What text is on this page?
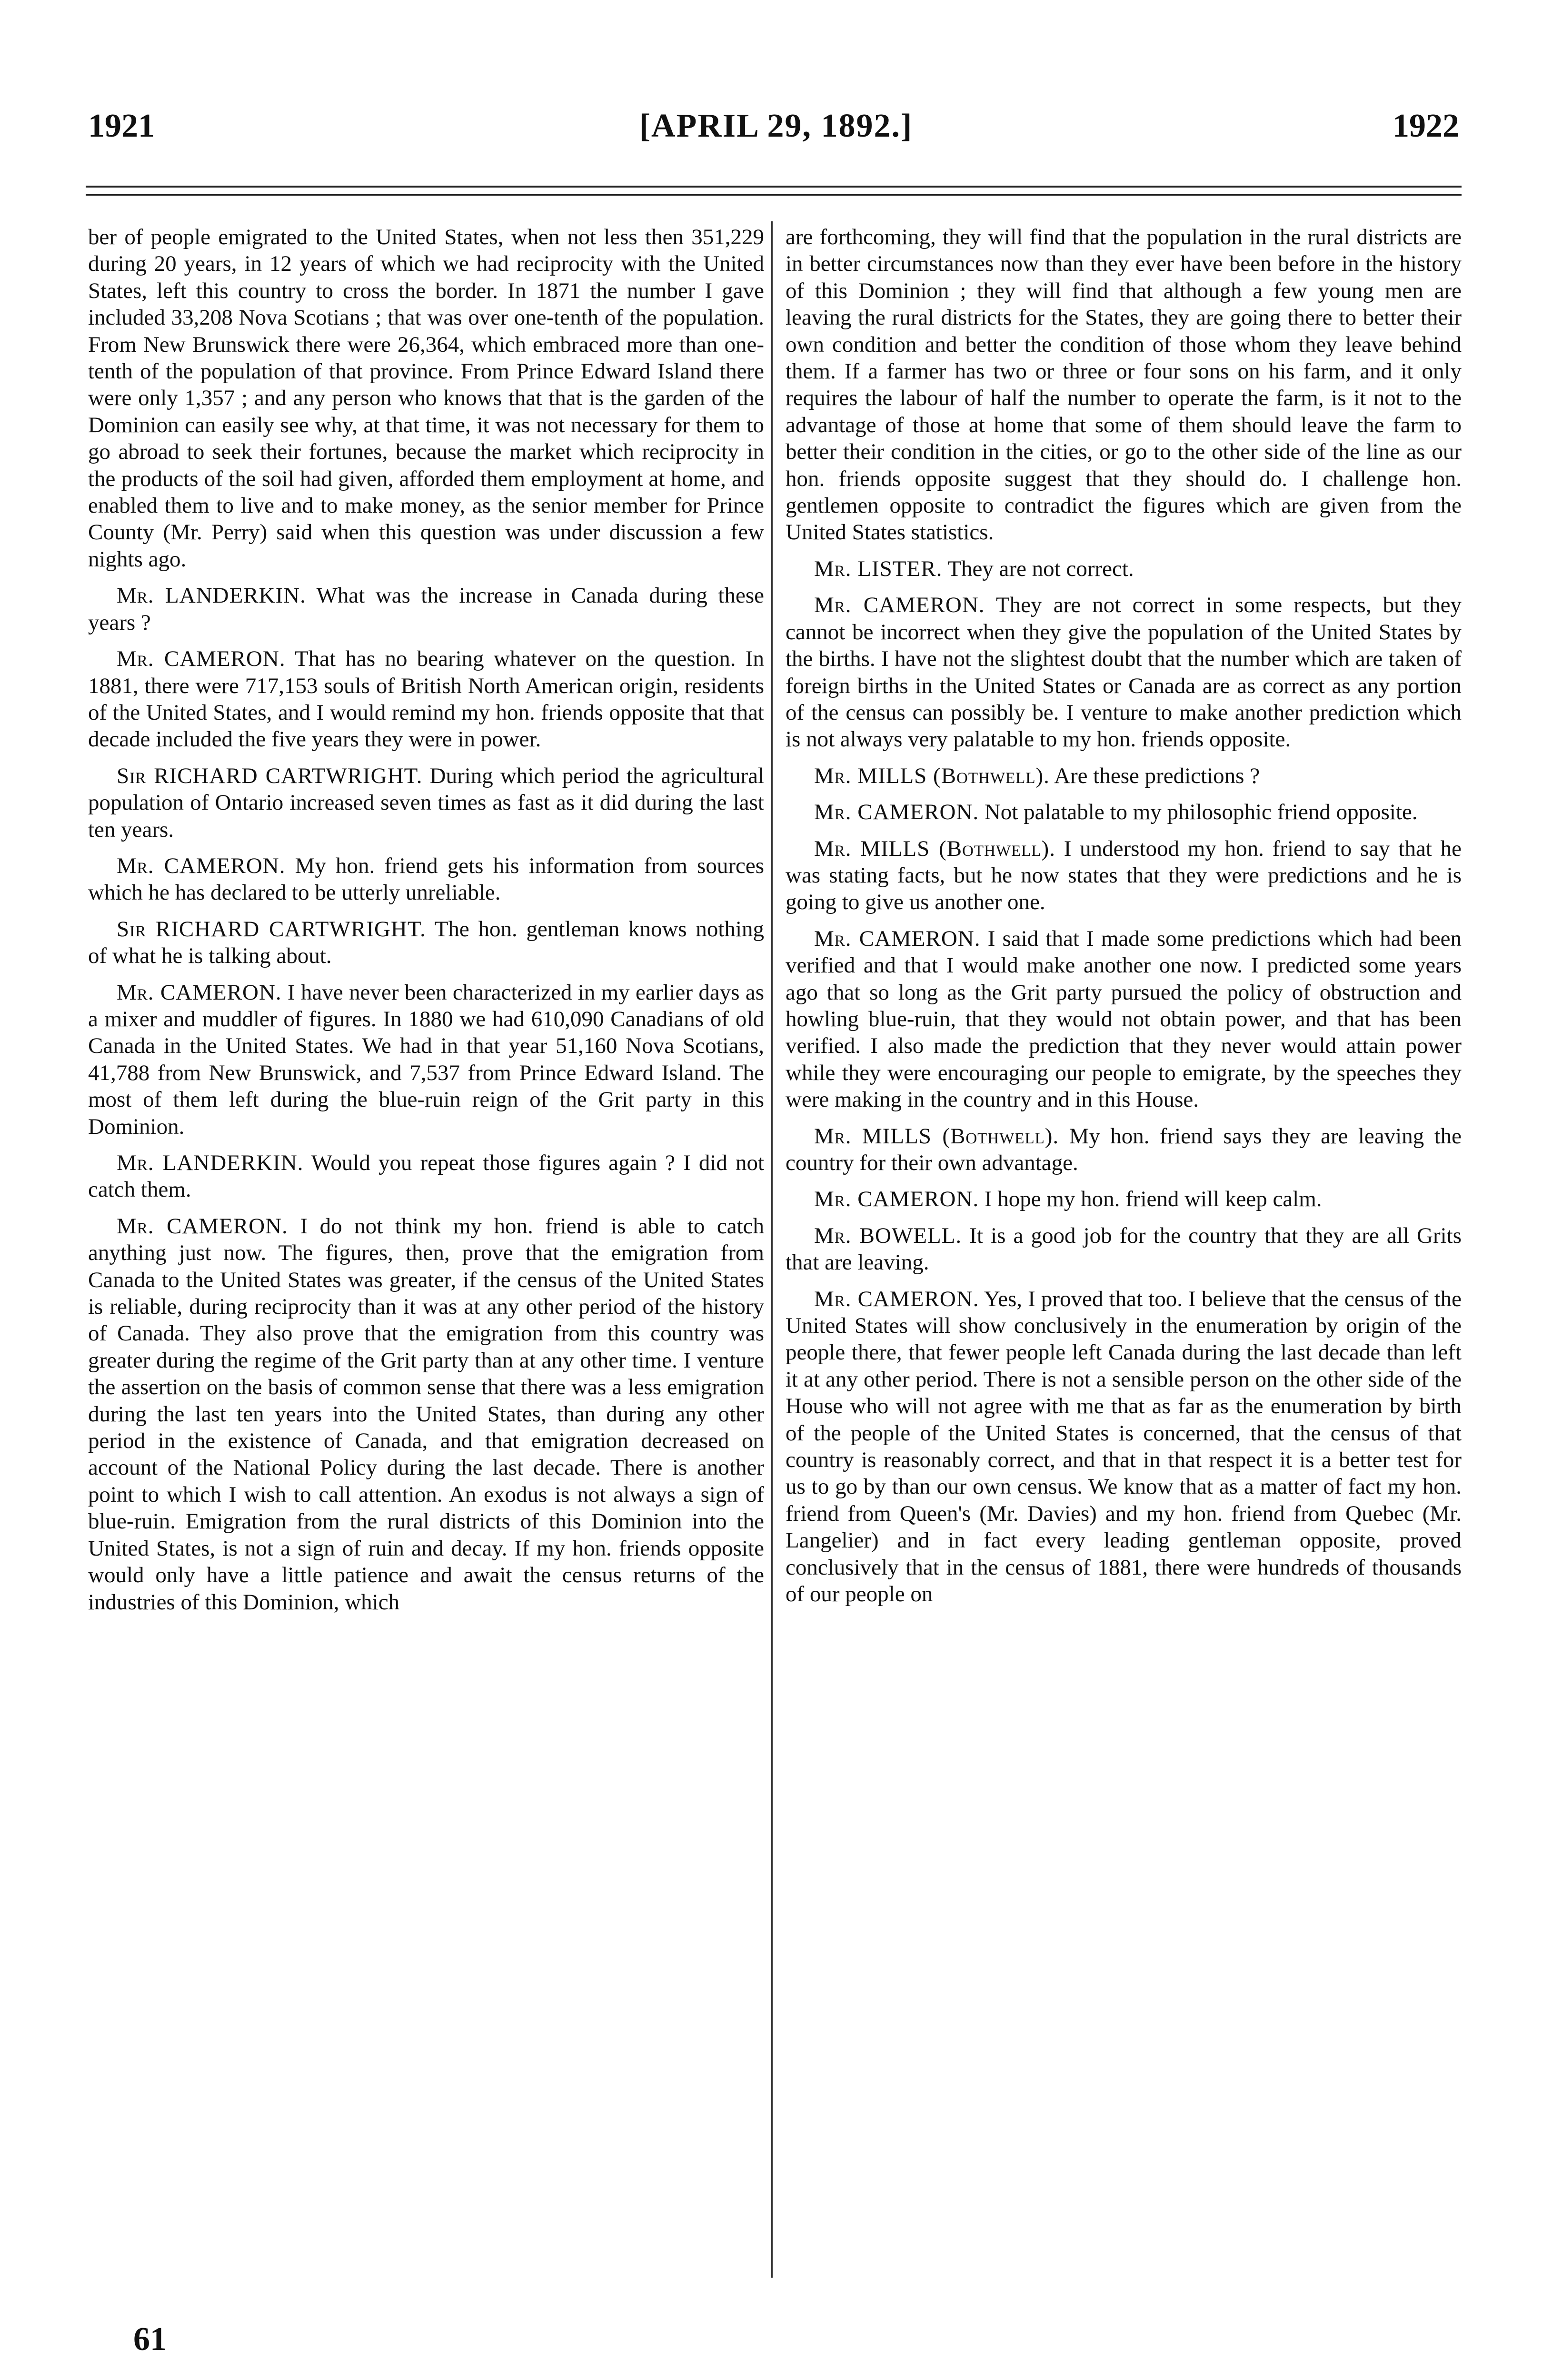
1921	[APRIL 29, 1892.]	1922

ber of people emigrated to the United States, when not less then 351,229 during 20 years, in 12 years of which we had reciprocity with the United States, left this country to cross the border. In 1871 the number I gave included 33,208 Nova Scotians ; that was over one-tenth of the population. From New Brunswick there were 26,364, which embraced more than one-tenth of the population of that province. From Prince Edward Island there were only 1,357 ; and any person who knows that that is the garden of the Dominion can easily see why, at that time, it was not necessary for them to go abroad to seek their fortunes, because the market which reciprocity in the products of the soil had given, afforded them employment at home, and enabled them to live and to make money, as the senior member for Prince County (Mr. Perry) said when this question was under discussion a few nights ago.

Mr. LANDERKIN. What was the increase in Canada during these years ?

Mr. CAMERON. That has no bearing whatever on the question. In 1881, there were 717,153 souls of British North American origin, residents of the United States, and I would remind my hon. friends opposite that that decade included the five years they were in power.

Sir RICHARD CARTWRIGHT. During which period the agricultural population of Ontario increased seven times as fast as it did during the last ten years.

Mr. CAMERON. My hon. friend gets his information from sources which he has declared to be utterly unreliable.

Sir RICHARD CARTWRIGHT. The hon. gentleman knows nothing of what he is talking about.

Mr. CAMERON. I have never been characterized in my earlier days as a mixer and muddler of figures. In 1880 we had 610,090 Canadians of old Canada in the United States. We had in that year 51,160 Nova Scotians, 41,788 from New Brunswick, and 7,537 from Prince Edward Island. The most of them left during the blue-ruin reign of the Grit party in this Dominion.

Mr. LANDERKIN. Would you repeat those figures again ? I did not catch them.

Mr. CAMERON. I do not think my hon. friend is able to catch anything just now. The figures, then, prove that the emigration from Canada to the United States was greater, if the census of the United States is reliable, during reciprocity than it was at any other period of the history of Canada. They also prove that the emigration from this country was greater during the regime of the Grit party than at any other time. I venture the assertion on the basis of common sense that there was a less emigration during the last ten years into the United States, than during any other period in the existence of Canada, and that emigration decreased on account of the National Policy during the last decade. There is another point to which I wish to call attention. An exodus is not always a sign of blue-ruin. Emigration from the rural districts of this Dominion into the United States, is not a sign of ruin and decay. If my hon. friends opposite would only have a little patience and await the census returns of the industries of this Dominion, which

are forthcoming, they will find that the population in the rural districts are in better circumstances now than they ever have been before in the history of this Dominion ; they will find that although a few young men are leaving the rural districts for the States, they are going there to better their own condition and better the condition of those whom they leave behind them. If a farmer has two or three or four sons on his farm, and it only requires the labour of half the number to operate the farm, is it not to the advantage of those at home that some of them should leave the farm to better their condition in the cities, or go to the other side of the line as our hon. friends opposite suggest that they should do. I challenge hon. gentlemen opposite to contradict the figures which are given from the United States statistics.

Mr. LISTER. They are not correct.

Mr. CAMERON. They are not correct in some respects, but they cannot be incorrect when they give the population of the United States by the births. I have not the slightest doubt that the number which are taken of foreign births in the United States or Canada are as correct as any portion of the census can possibly be. I venture to make another prediction which is not always very palatable to my hon. friends opposite.

Mr. MILLS (Bothwell). Are these predictions ?

Mr. CAMERON. Not palatable to my philosophic friend opposite.

Mr. MILLS (Bothwell). I understood my hon. friend to say that he was stating facts, but he now states that they were predictions and he is going to give us another one.

Mr. CAMERON. I said that I made some predictions which had been verified and that I would make another one now. I predicted some years ago that so long as the Grit party pursued the policy of obstruction and howling blue-ruin, that they would not obtain power, and that has been verified. I also made the prediction that they never would attain power while they were encouraging our people to emigrate, by the speeches they were making in the country and in this House.

Mr. MILLS (Bothwell). My hon. friend says they are leaving the country for their own advantage.

Mr. CAMERON. I hope my hon. friend will keep calm.

Mr. BOWELL. It is a good job for the country that they are all Grits that are leaving.

Mr. CAMERON. Yes, I proved that too. I believe that the census of the United States will show conclusively in the enumeration by origin of the people there, that fewer people left Canada during the last decade than left it at any other period. There is not a sensible person on the other side of the House who will not agree with me that as far as the enumeration by birth of the people of the United States is concerned, that the census of that country is reasonably correct, and that in that respect it is a better test for us to go by than our own census. We know that as a matter of fact my hon. friend from Queen's (Mr. Davies) and my hon. friend from Quebec (Mr. Langelier) and in fact every leading gentleman opposite, proved conclusively that in the census of 1881, there were hundreds of thousands of our people on

61
